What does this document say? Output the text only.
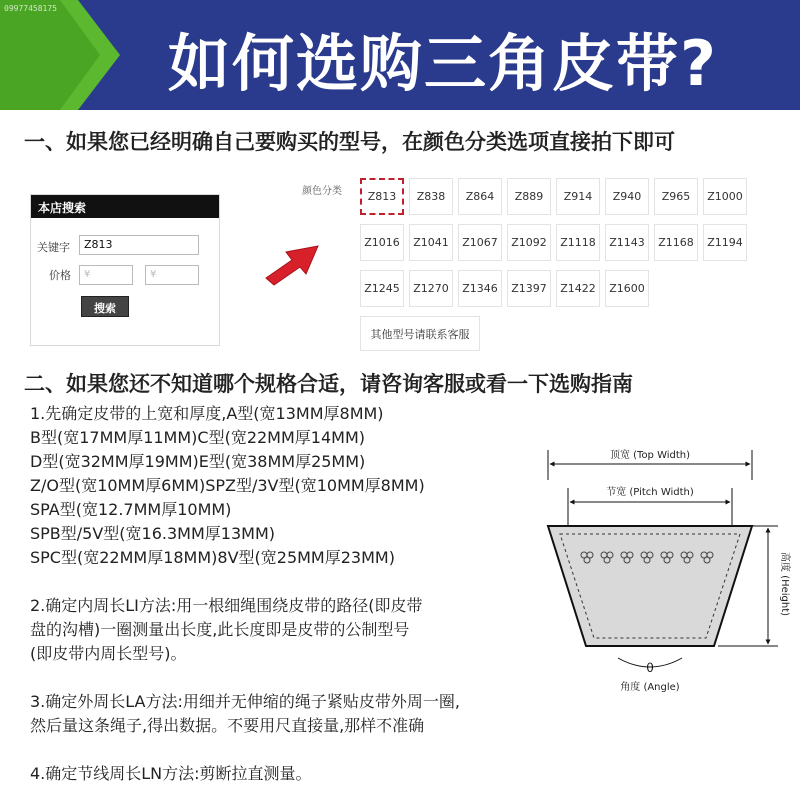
09977458175
如何选购三角皮带?
一、如果您已经明确自己要购买的型号，在颜色分类选项直接拍下即可
本店搜索
关键字	Z813
价格	¥	¥
搜索
颜色分类	Z813	Z838	Z864	Z889	Z914	Z940	Z965	Z1000
Z1016	Z1041	Z1067	Z1092	Z1118	Z1143	Z1168	Z1194
Z1245	Z1270	Z1346	Z1397	Z1422	Z1600
其他型号请联系客服
二、如果您还不知道哪个规格合适，请咨询客服或看一下选购指南

1.先确定皮带的上宽和厚度,A型(宽13MM厚8MM)

B型(宽17MM厚11MM)C型(宽22MM厚14MM)

D型(宽32MM厚19MM)E型(宽38MM厚25MM)

Z/O型(宽10MM厚6MM)SPZ型/3V型(宽10MM厚8MM)

SPA型(宽12.7MM厚10MM)

SPB型/5V型(宽16.3MM厚13MM)

SPC型(宽22MM厚18MM)8V型(宽25MM厚23MM)

2.确定内周长LI方法:用一根细绳围绕皮带的路径(即皮带

盘的沟槽)一圈测量出长度,此长度即是皮带的公制型号

(即皮带内周长型号)。

3.确定外周长LA方法:用细并无伸缩的绳子紧贴皮带外周一圈,

然后量这条绳子,得出数据。不要用尺直接量,那样不准确

4.确定节线周长LN方法:剪断拉直测量。

顶宽 (Top Width)
节宽 (Pitch Width)
高度 (Height)
θ
角度 (Angle)
